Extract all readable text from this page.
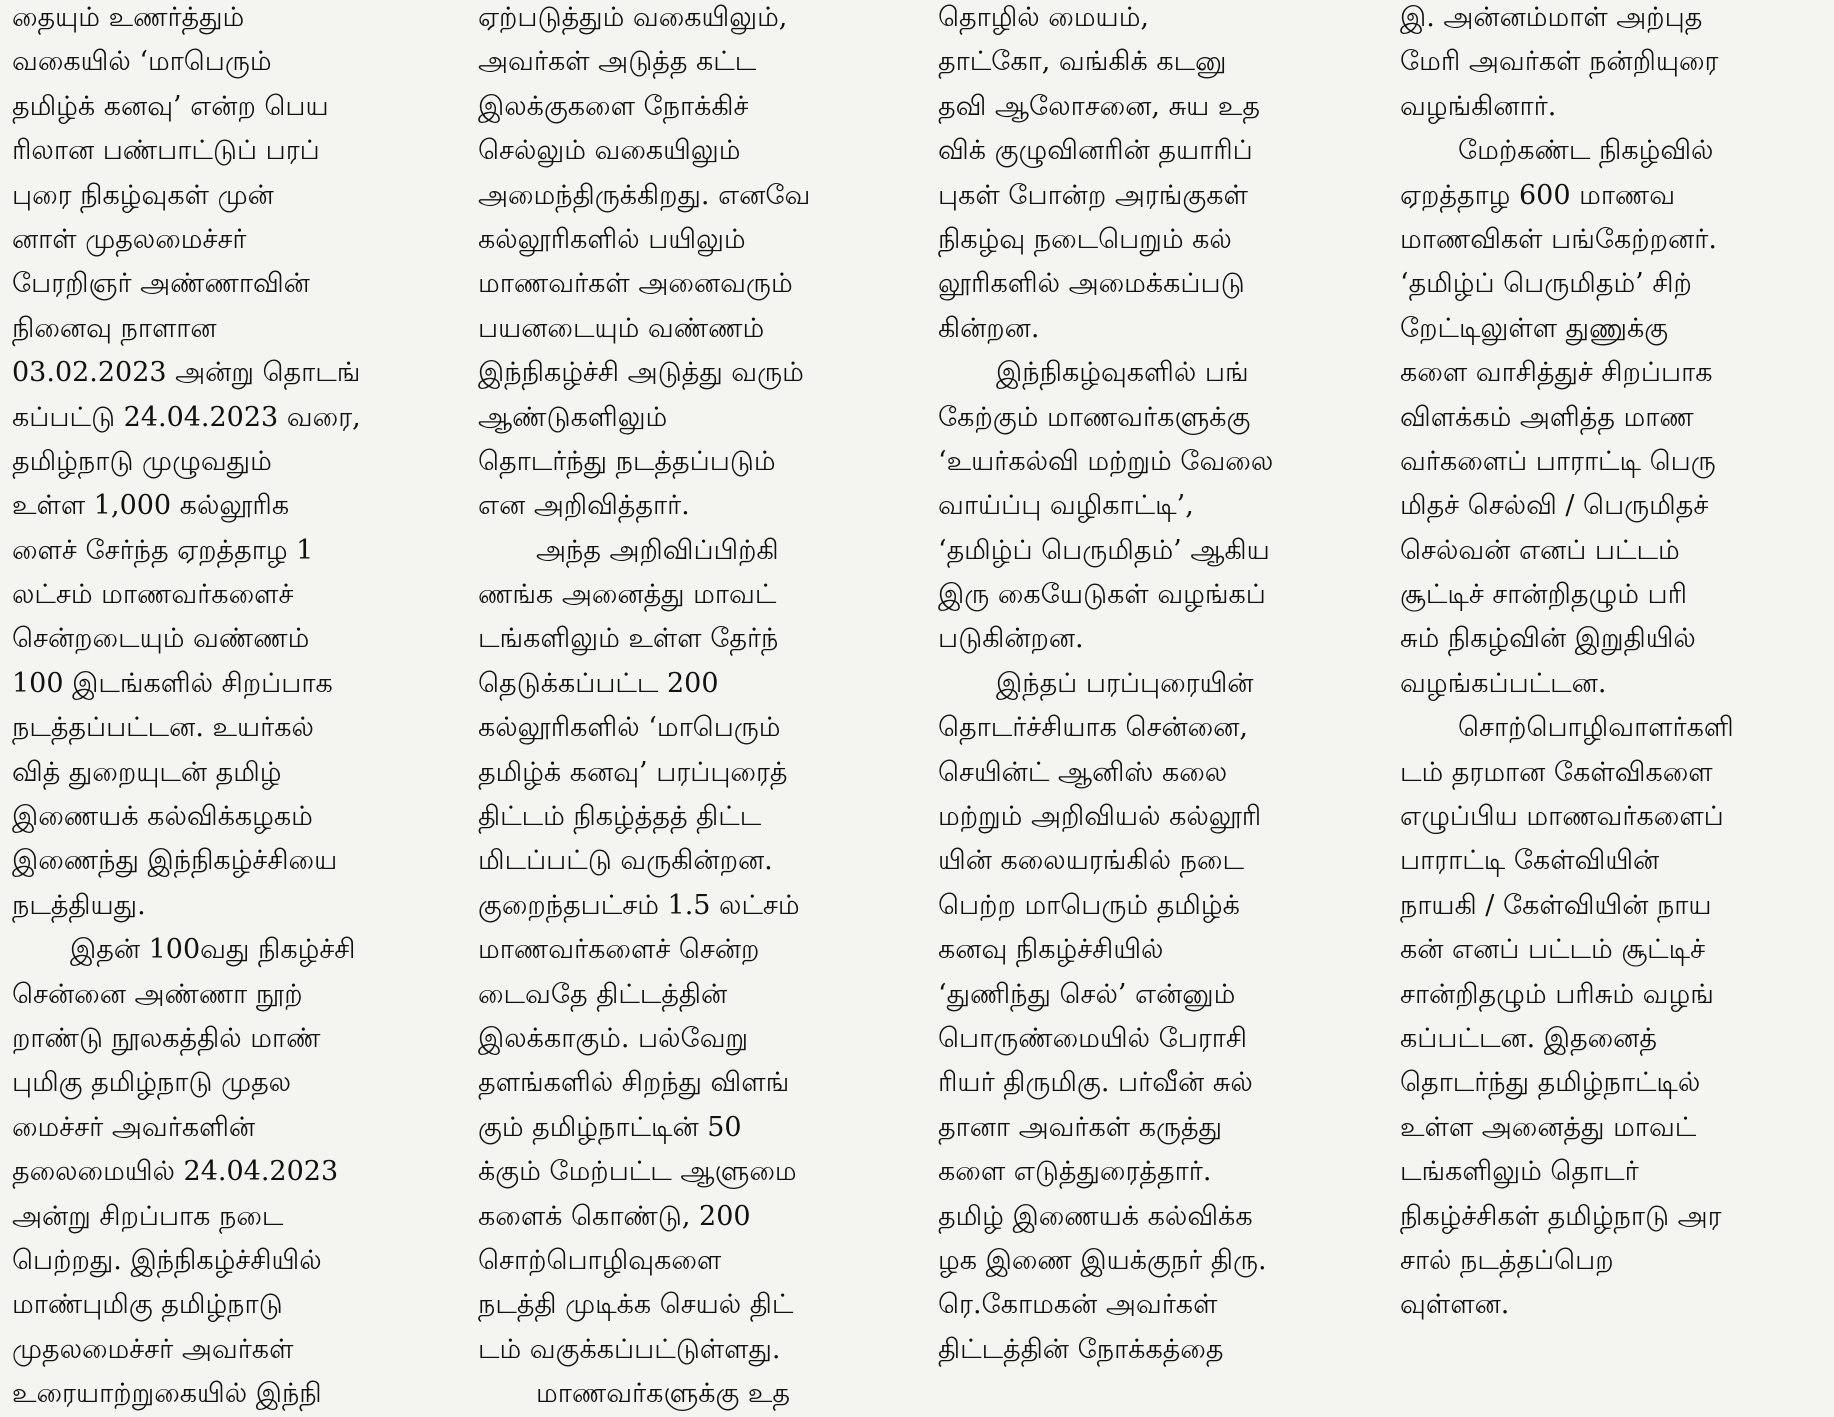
தையும் உணர்த்தும்
வகையில் ‘மாபெரும்
தமிழ்க் கனவு’ என்ற பெய
ரிலான பண்பாட்டுப் பரப்
புரை நிகழ்வுகள் முன்
னாள் முதலமைச்சர்
பேரறிஞர் அண்ணாவின்
நினைவு நாளான
03.02.2023 அன்று தொடங்
கப்பட்டு 24.04.2023 வரை,
தமிழ்நாடு முழுவதும்
உள்ள 1,000 கல்லூரிக
ளைச் சேர்ந்த ஏறத்தாழ 1
லட்சம் மாணவர்களைச்
சென்றடையும் வண்ணம்
100 இடங்களில் சிறப்பாக
நடத்தப்பட்டன. உயர்கல்
வித் துறையுடன் தமிழ்
இணையக் கல்விக்கழகம்
இணைந்து இந்நிகழ்ச்சியை
நடத்தியது.
இதன் 100வது நிகழ்ச்சி
சென்னை அண்ணா நூற்
றாண்டு நூலகத்தில் மாண்
புமிகு தமிழ்நாடு முதல
மைச்சர் அவர்களின்
தலைமையில் 24.04.2023
அன்று சிறப்பாக நடை
பெற்றது. இந்நிகழ்ச்சியில்
மாண்புமிகு தமிழ்நாடு
முதலமைச்சர் அவர்கள்
உரையாற்றுகையில் இந்நி
ஏற்படுத்தும் வகையிலும்,
அவர்கள் அடுத்த கட்ட
இலக்குகளை நோக்கிச்
செல்லும் வகையிலும்
அமைந்திருக்கிறது. எனவே
கல்லூரிகளில் பயிலும்
மாணவர்கள் அனைவரும்
பயனடையும் வண்ணம்
இந்நிகழ்ச்சி அடுத்து வரும்
ஆண்டுகளிலும்
தொடர்ந்து நடத்தப்படும்
என அறிவித்தார்.
அந்த அறிவிப்பிற்கி
ணங்க அனைத்து மாவட்
டங்களிலும் உள்ள தேர்ந்
தெடுக்கப்பட்ட 200
கல்லூரிகளில் ‘மாபெரும்
தமிழ்க் கனவு’ பரப்புரைத்
திட்டம் நிகழ்த்தத் திட்ட
மிடப்பட்டு வருகின்றன.
குறைந்தபட்சம் 1.5 லட்சம்
மாணவர்களைச் சென்ற
டைவதே திட்டத்தின்
இலக்காகும். பல்வேறு
தளங்களில் சிறந்து விளங்
கும் தமிழ்நாட்டின் 50
க்கும் மேற்பட்ட ஆளுமை
களைக் கொண்டு, 200
சொற்பொழிவுகளை
நடத்தி முடிக்க செயல் திட்
டம் வகுக்கப்பட்டுள்ளது.
மாணவர்களுக்கு உத
தொழில் மையம்,
தாட்கோ, வங்கிக் கடனு
தவி ஆலோசனை, சுய உத
விக் குழுவினரின் தயாரிப்
புகள் போன்ற அரங்குகள்
நிகழ்வு நடைபெறும் கல்
லூரிகளில் அமைக்கப்படு
கின்றன.
இந்நிகழ்வுகளில் பங்
கேற்கும் மாணவர்களுக்கு
‘உயர்கல்வி மற்றும் வேலை
வாய்ப்பு வழிகாட்டி’,
‘தமிழ்ப் பெருமிதம்’ ஆகிய
இரு கையேடுகள் வழங்கப்
படுகின்றன.
இந்தப் பரப்புரையின்
தொடர்ச்சியாக சென்னை,
செயின்ட் ஆனிஸ் கலை
மற்றும் அறிவியல் கல்லூரி
யின் கலையரங்கில் நடை
பெற்ற மாபெரும் தமிழ்க்
கனவு நிகழ்ச்சியில்
‘துணிந்து செல்’ என்னும்
பொருண்மையில் பேராசி
ரியர் திருமிகு. பர்வீன் சுல்
தானா அவர்கள் கருத்து
களை எடுத்துரைத்தார்.
தமிழ் இணையக் கல்விக்க
ழக இணை இயக்குநர் திரு.
ரெ.கோமகன் அவர்கள்
திட்டத்தின் நோக்கத்தை
இ. அன்னம்மாள் அற்புத
மேரி அவர்கள் நன்றியுரை
வழங்கினார்.
மேற்கண்ட நிகழ்வில்
ஏறத்தாழ 600 மாணவ
மாணவிகள் பங்கேற்றனர்.
‘தமிழ்ப் பெருமிதம்’ சிற்
றேட்டிலுள்ள துணுக்கு
களை வாசித்துச் சிறப்பாக
விளக்கம் அளித்த மாண
வர்களைப் பாராட்டி பெரு
மிதச் செல்வி / பெருமிதச்
செல்வன் எனப் பட்டம்
சூட்டிச் சான்றிதழும் பரி
சும் நிகழ்வின் இறுதியில்
வழங்கப்பட்டன.
சொற்பொழிவாளர்களி
டம் தரமான கேள்விகளை
எழுப்பிய மாணவர்களைப்
பாராட்டி கேள்வியின்
நாயகி / கேள்வியின் நாய
கன் எனப் பட்டம் சூட்டிச்
சான்றிதழும் பரிசும் வழங்
கப்பட்டன. இதனைத்
தொடர்ந்து தமிழ்நாட்டில்
உள்ள அனைத்து மாவட்
டங்களிலும் தொடர்
நிகழ்ச்சிகள் தமிழ்நாடு அர
சால் நடத்தப்பெற
வுள்ளன.
